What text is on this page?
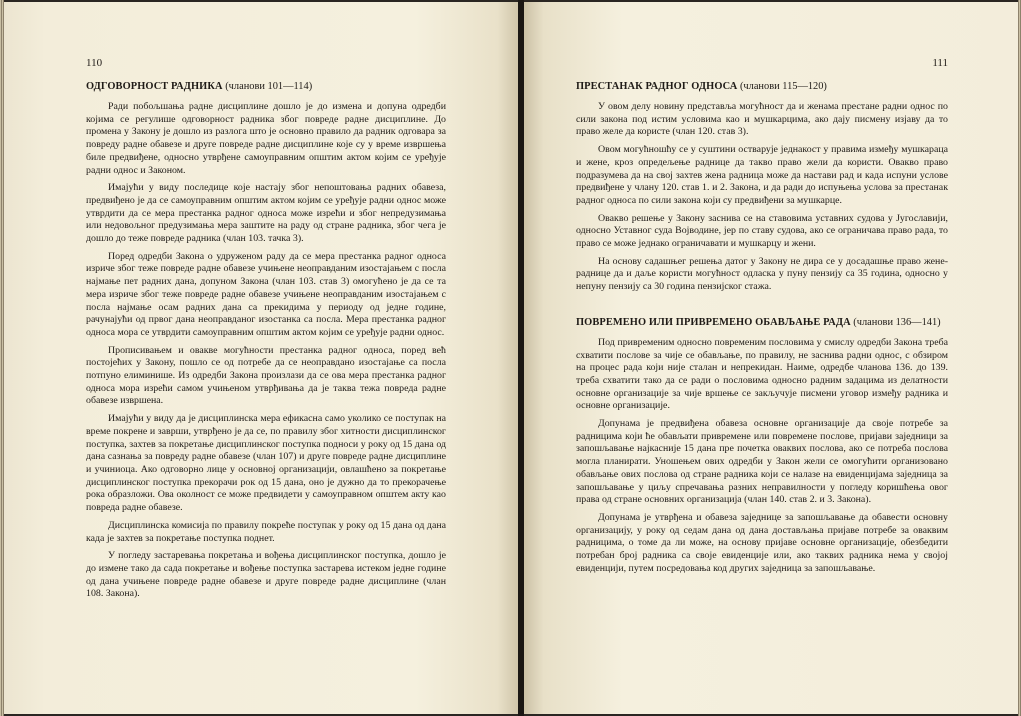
110
ОДГОВОРНОСТ РАДНИКА (чланови 101—114)

Ради побољшања радне дисциплине дошло је до измена и допуна одредби којима се регулише одговорност радника због повреде радне дисциплине. До промена у Закону је дошло из разлога што је основно правило да радник одговара за повреду радне обавезе и друге повреде радне дисциплине које су у време извршења биле предвиђене, односно утврђене самоуправним општим актом којим се уређује радни однос и Законом.

Имајући у виду последице које настају због непоштовања радних обавеза, предвиђено је да се самоуправним општим актом којим се уређује радни однос може утврдити да се мера престанка радног односа може изрећи и због непредузимања или недовољног предузимања мера заштите на раду од стране радника, због чега је дошло до теже повреде радника (члан 103. тачка 3).

Поред одредби Закона о удруженом раду да се мера престанка радног односа изриче због теже повреде радне обавезе учињене неоправданим изостајањем с посла најмање пет радних дана, допуном Закона (члан 103. став 3) омогућено је да се та мера изриче због теже повреде радне обавезе учињене неоправданим изостајањем с посла најмање осам радних дана са прекидима у периоду од једне године, рачунајући од првог дана неоправданог изостанка са посла. Мера престанка радног односа мора се утврдити самоуправним општим актом којим се уређује радни однос.

Прописивањем и овакве могућности престанка радног односа, поред већ постојећих у Закону, пошло се од потребе да се неоправдано изостајање са посла потпуно елиминише. Из одредби Закона произлази да се ова мера престанка радног односа мора изрећи самом учињеном утврђивања да је таква тежа повреда радне обавезе извршена.

Имајући у виду да је дисциплинска мера ефикасна само уколико се поступак на време покрене и заврши, утврђено је да се, по правилу због хитности дисциплинског поступка, захтев за покретање дисциплинског поступка подноси у року од 15 дана од дана сазнања за повреду радне обавезе (члан 107) и друге повреде радне дисциплине и учиниоца. Ако одговорно лице у основној организацији, овлашћено за покретање дисциплинског поступка прекорачи рок од 15 дана, оно је дужно да то прекорачење рока образложи. Ова околност се може предвидети у самоуправном општем акту као повреда радне обавезе.

Дисциплинска комисија по правилу покреће поступак у року од 15 дана од дана када је захтев за покретање поступка поднет.

У погледу застаревања покретања и вођења дисциплинског поступка, дошло је до измене тако да сада покретање и вођење поступка застарева истеком једне године од дана учињене повреде радне обавезе и друге повреде радне дисциплине (члан 108. Закона).

111
ПРЕСТАНАК РАДНОГ ОДНОСА (чланови 115—120)

У овом делу новину представља могућност да и женама престане радни однос по сили закона под истим условима као и мушкарцима, ако дају писмену изјаву да то право желе да користе (члан 120. став 3).

Овом могућношћу се у суштини остварује једнакост у правима између мушкараца и жене, кроз опредељење раднице да такво право жели да користи. Овакво право подразумева да на свој захтев жена радница може да настави рад и када испуни услове предвиђене у члану 120. став 1. и 2. Закона, и да ради до испуњења услова за престанак радног односа по сили закона који су предвиђени за мушкарце.

Овакво решење у Закону заснива се на ставовима уставних судова у Југославији, односно Уставног суда Војводине, јер по ставу судова, ако се ограничава право рада, то право се може једнако ограничавати и мушкарцу и жени.

На основу садашњег решења датог у Закону не дира се у досадашње право жене-раднице да и даље користи могућност одласка у пуну пензију са 35 година, односно у непуну пензију са 30 година пензијског стажа.

ПОВРЕМЕНО ИЛИ ПРИВРЕМЕНО ОБАВЉАЊЕ РАДА (чланови 136—141)

Под привременим односно повременим пословима у смислу одредби Закона треба схватити послове за чије се обављање, по правилу, не заснива радни однос, с обзиром на процес рада који није сталан и непрекидан. Наиме, одредбе чланова 136. до 139. треба схватити тако да се ради о пословима односно радним задацима из делатности основне организације за чије вршење се закључује писмени уговор између радника и основне организације.

Допунама је предвиђена обавеза основне организације да своје потребе за радницима који ће обављати привремене или повремене послове, пријави заједници за запошљавање најкасније 15 дана пре почетка оваквих послова, ако се потреба послова могла планирати. Уношењем ових одредби у Закон жели се омогућити организовано обављање ових послова од стране радника који се налазе на евиденцијама заједница за запошљавање у циљу спречавања разних неправилности у погледу коришћења овог права од стране основних организација (члан 140. став 2. и 3. Закона).

Допунама је утврђена и обавеза заједнице за запошљавање да обавести основну организацију, у року од седам дана од дана достављања пријаве потребе за оваквим радницима, о томе да ли може, на основу пријаве основне организације, обезбедити потребан број радника са своје евиденције или, ако таквих радника нема у својој евиденцији, путем посредовања код других заједница за запошљавање.
